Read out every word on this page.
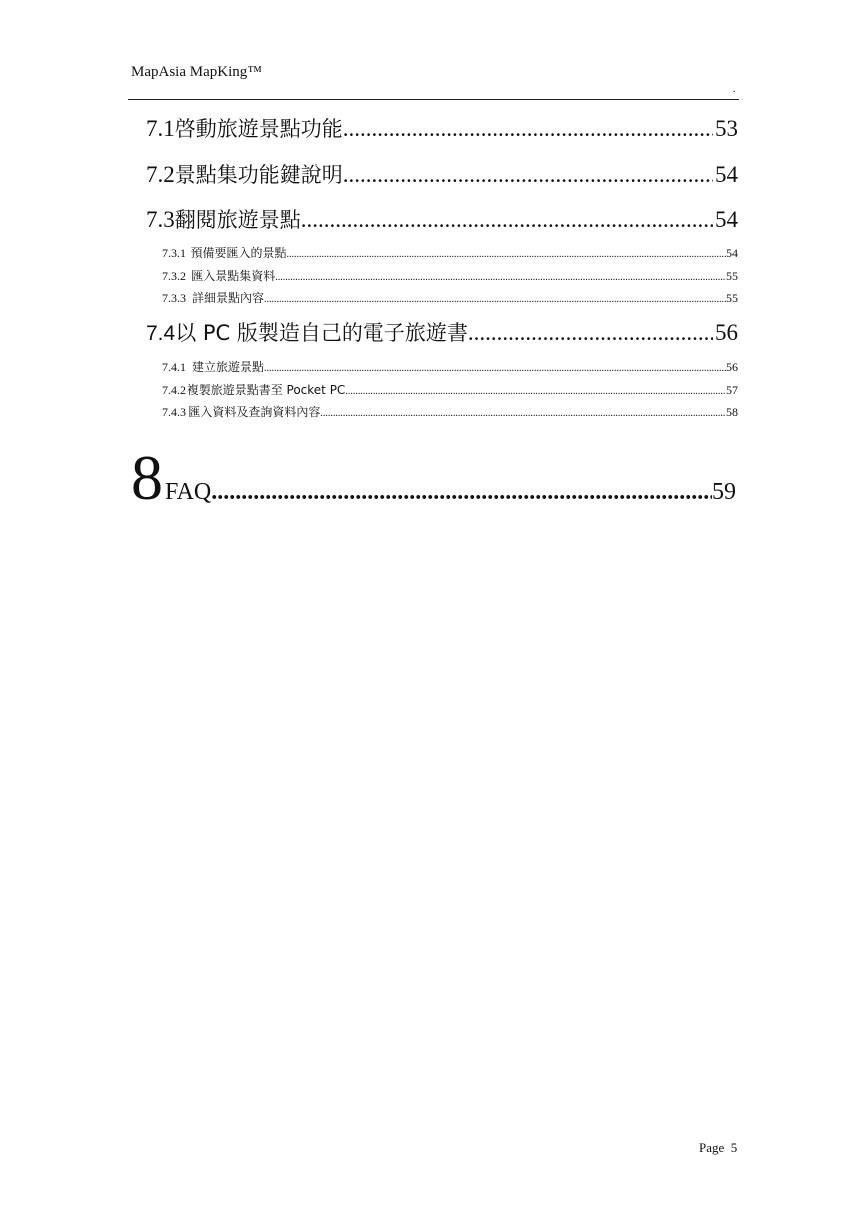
MapAsia MapKing™
.
7.1 啓動旅遊景點功能 .....	53
7.2 景點集功能鍵說明 .....	54
7.3 翻閱旅遊景點 .....	54
7.3.1 預備要匯入的景點 .....	54
7.3.2 匯入景點集資料 .....	55
7.3.3 詳細景點內容 .....	55
7.4 以 PC 版製造自己的電子旅遊書 .....	56
7.4.1 建立旅遊景點 .....	56
7.4.2 複製旅遊景點書至 Pocket PC .....	57
7.4.3 匯入資料及查詢資料內容 .....	58
8 FAQ .....	59
Page 5
